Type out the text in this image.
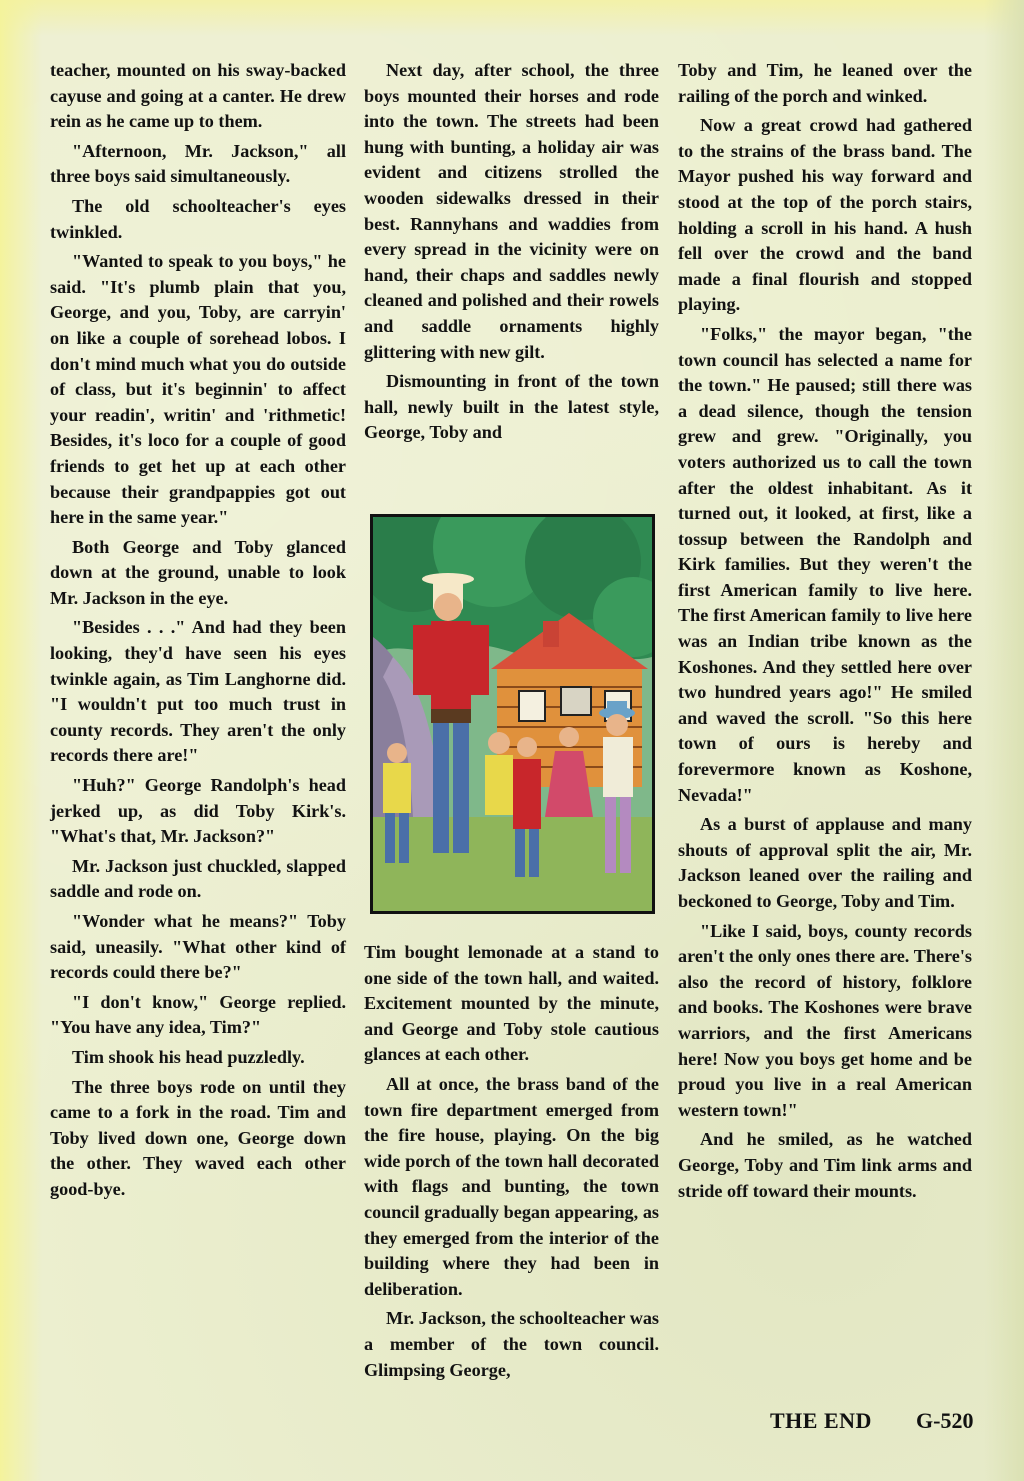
teacher, mounted on his sway-backed cayuse and going at a canter. He drew rein as he came up to them.

"Afternoon, Mr. Jackson," all three boys said simultaneously.

The old schoolteacher's eyes twinkled.

"Wanted to speak to you boys," he said. "It's plumb plain that you, George, and you, Toby, are carryin' on like a couple of sorehead lobos. I don't mind much what you do outside of class, but it's beginnin' to affect your readin', writin' and 'rithmetic! Besides, it's loco for a couple of good friends to get het up at each other because their grandpappies got out here in the same year."

Both George and Toby glanced down at the ground, unable to look Mr. Jackson in the eye.

"Besides . . ." And had they been looking, they'd have seen his eyes twinkle again, as Tim Langhorne did. "I wouldn't put too much trust in county records. They aren't the only records there are!"

"Huh?" George Randolph's head jerked up, as did Toby Kirk's. "What's that, Mr. Jackson?"

Mr. Jackson just chuckled, slapped saddle and rode on.

"Wonder what he means?" Toby said, uneasily. "What other kind of records could there be?"

"I don't know," George replied. "You have any idea, Tim?"

Tim shook his head puzzledly.

The three boys rode on until they came to a fork in the road. Tim and Toby lived down one, George down the other. They waved each other good-bye.

Next day, after school, the three boys mounted their horses and rode into the town. The streets had been hung with bunting, a holiday air was evident and citizens strolled the wooden sidewalks dressed in their best. Rannyhans and waddies from every spread in the vicinity were on hand, their chaps and saddles newly cleaned and polished and their rowels and saddle ornaments highly glittering with new gilt.

Dismounting in front of the town hall, newly built in the latest style, George, Toby and

Tim bought lemonade at a stand to one side of the town hall, and waited. Excitement mounted by the minute, and George and Toby stole cautious glances at each other.

All at once, the brass band of the town fire department emerged from the fire house, playing. On the big wide porch of the town hall decorated with flags and bunting, the town council gradually began appearing, as they emerged from the interior of the building where they had been in deliberation.

Mr. Jackson, the schoolteacher was a member of the town council. Glimpsing George,

Toby and Tim, he leaned over the railing of the porch and winked.

Now a great crowd had gathered to the strains of the brass band. The Mayor pushed his way forward and stood at the top of the porch stairs, holding a scroll in his hand. A hush fell over the crowd and the band made a final flourish and stopped playing.

"Folks," the mayor began, "the town council has selected a name for the town." He paused; still there was a dead silence, though the tension grew and grew. "Originally, you voters authorized us to call the town after the oldest inhabitant. As it turned out, it looked, at first, like a tossup between the Randolph and Kirk families. But they weren't the first American family to live here. The first American family to live here was an Indian tribe known as the Koshones. And they settled here over two hundred years ago!" He smiled and waved the scroll. "So this here town of ours is hereby and forevermore known as Koshone, Nevada!"

As a burst of applause and many shouts of approval split the air, Mr. Jackson leaned over the railing and beckoned to George, Toby and Tim.

"Like I said, boys, county records aren't the only ones there are. There's also the record of history, folklore and books. The Koshones were brave warriors, and the first Americans here! Now you boys get home and be proud you live in a real American western town!"

And he smiled, as he watched George, Toby and Tim link arms and stride off toward their mounts.

THE END G-520
